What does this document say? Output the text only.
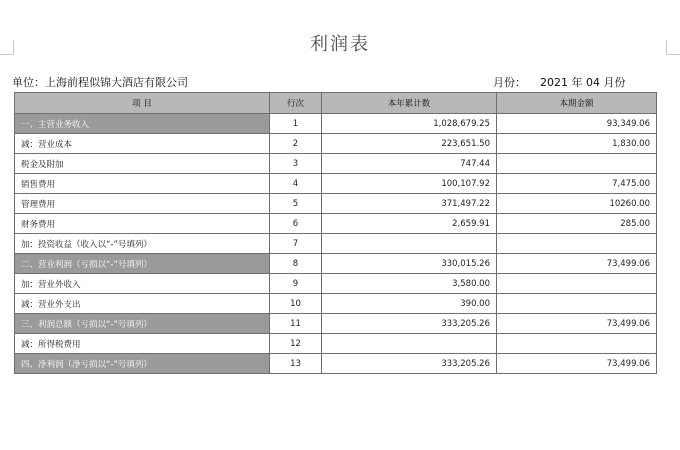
利润表
单位：上海前程似锦大酒店有限公司	月份： 2021 年 04 月份
项 目	行次	本年累计数	本期金额
一、主营业务收入	1	1,028,679.25	93,349.06
减：营业成本	2	223,651.50	1,830.00
税金及附加	3	747.44	
销售费用	4	100,107.92	7,475.00
管理费用	5	371,497.22	10260.00
财务费用	6	2,659.91	285.00
加：投资收益（收入以“-”号填列）	7		
二、营业利润（亏损以“-”号填列）	8	330,015.26	73,499.06
加：营业外收入	9	3,580.00	
减：营业外支出	10	390.00	
三、利润总额（亏损以“-”号填列）	11	333,205.26	73,499.06
减：所得税费用	12		
四、净利润（净亏损以“-”号填列）	13	333,205.26	73,499.06
